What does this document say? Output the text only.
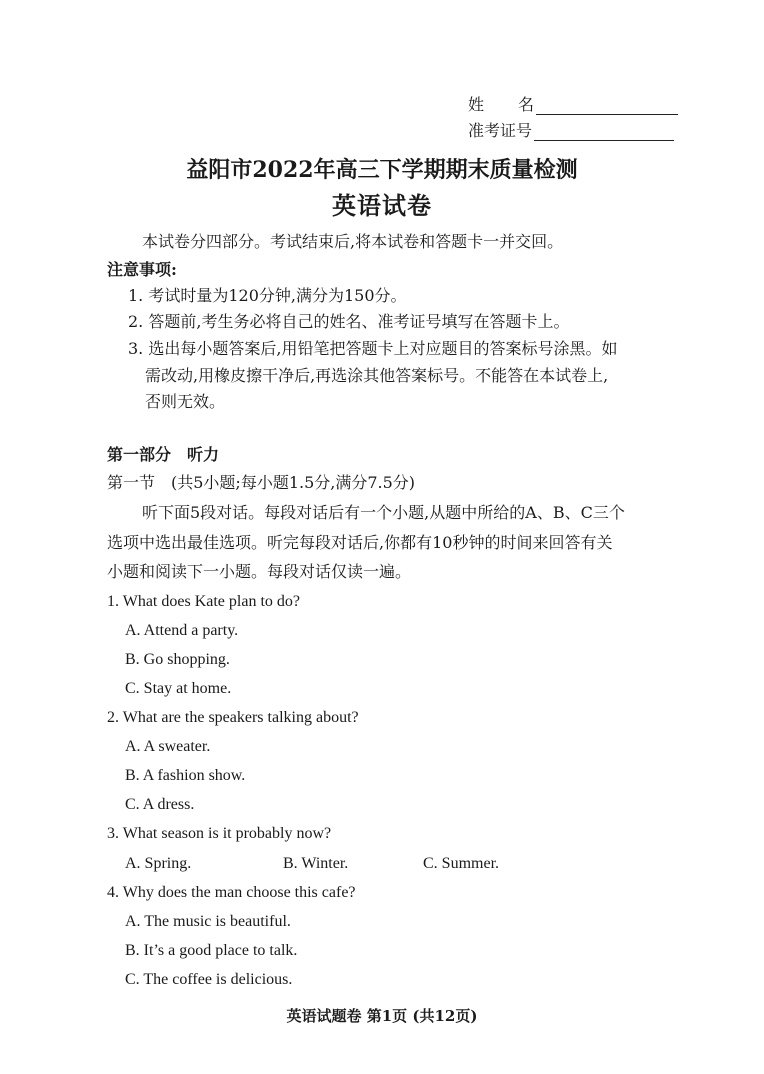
姓 名
准考证号
益阳市2022年高三下学期期末质量检测
英语试卷
本试卷分四部分。考试结束后,将本试卷和答题卡一并交回。
注意事项:
1. 考试时量为120分钟,满分为150分。
2. 答题前,考生务必将自己的姓名、准考证号填写在答题卡上。
3. 选出每小题答案后,用铅笔把答题卡上对应题目的答案标号涂黑。如
需改动,用橡皮擦干净后,再选涂其他答案标号。不能答在本试卷上,
否则无效。
第一部分　听力
第一节　(共5小题;每小题1.5分,满分7.5分)
听下面5段对话。每段对话后有一个小题,从题中所给的A、B、C三个
选项中选出最佳选项。听完每段对话后,你都有10秒钟的时间来回答有关
小题和阅读下一小题。每段对话仅读一遍。
1. What does Kate plan to do?
A. Attend a party.
B. Go shopping.
C. Stay at home.
2. What are the speakers talking about?
A. A sweater.
B. A fashion show.
C. A dress.
3. What season is it probably now?
A. Spring.	B. Winter.	C. Summer.
4. Why does the man choose this cafe?
A. The music is beautiful.
B. It’s a good place to talk.
C. The coffee is delicious.
英语试题卷 第1页 (共12页)
